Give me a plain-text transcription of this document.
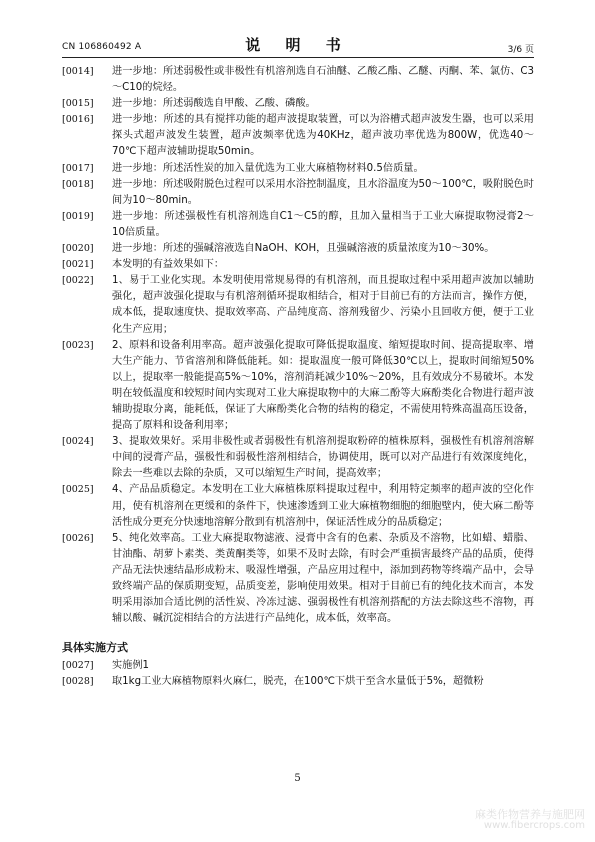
CN 106860492 A	说 明 书	3/6 页
[0014] 进一步地：所述弱极性或非极性有机溶剂选自石油醚、乙酸乙酯、乙醚、丙酮、苯、氯仿、C3～C10的烷烃。
[0015] 进一步地：所述弱酸选自甲酸、乙酸、磷酸。
[0016] 进一步地：所述的具有搅拌功能的超声波提取装置，可以为浴槽式超声波发生器，也可以采用探头式超声波发生装置，超声波频率优选为40KHz，超声波功率优选为800W，优选40～70℃下超声波辅助提取50min。
[0017] 进一步地：所述活性炭的加入量优选为工业大麻植物材料0.5倍质量。
[0018] 进一步地：所述吸附脱色过程可以采用水浴控制温度，且水浴温度为50～100℃，吸附脱色时间为10～80min。
[0019] 进一步地：所述强极性有机溶剂选自C1～C5的醇，且加入量相当于工业大麻提取物浸膏2～10倍质量。
[0020] 进一步地：所述的强碱溶液选自NaOH、KOH，且强碱溶液的质量浓度为10～30%。
[0021] 本发明的有益效果如下：
[0022] 1、易于工业化实现。本发明使用常规易得的有机溶剂，而且提取过程中采用超声波加以辅助强化，超声波强化提取与有机溶剂循环提取相结合，相对于目前已有的方法而言，操作方便，成本低，提取速度快、提取效率高、产品纯度高、溶剂残留少、污染小且回收方便，便于工业化生产应用；
[0023] 2、原料和设备利用率高。超声波强化提取可降低提取温度、缩短提取时间、提高提取率、增大生产能力、节省溶剂和降低能耗。如：提取温度一般可降低30℃以上，提取时间缩短50%以上，提取率一般能提高5%～10%，溶剂消耗减少10%～20%，且有效成分不易破坏。本发明在较低温度和较短时间内实现对工业大麻提取物中的大麻二酚等大麻酚类化合物进行超声波辅助提取分离，能耗低，保证了大麻酚类化合物的结构的稳定，不需使用特殊高温高压设备，提高了原料和设备利用率；
[0024] 3、提取效果好。采用非极性或者弱极性有机溶剂提取粉碎的植株原料，强极性有机溶剂溶解中间的浸膏产品，强极性和弱极性溶剂相结合，协调使用，既可以对产品进行有效深度纯化，除去一些难以去除的杂质，又可以缩短生产时间，提高效率；
[0025] 4、产品品质稳定。本发明在工业大麻植株原料提取过程中，利用特定频率的超声波的空化作用，使有机溶剂在更缓和的条件下，快速渗透到工业大麻植物细胞的细胞壁内，使大麻二酚等活性成分更充分快速地溶解分散到有机溶剂中，保证活性成分的品质稳定；
[0026] 5、纯化效率高。工业大麻提取物滤液、浸膏中含有的色素、杂质及不溶物，比如蜡、蜡脂、甘油酯、胡萝卜素类、类黄酮类等，如果不及时去除，有时会严重损害最终产品的品质，使得产品无法快速结晶形成粉末、吸湿性增强，产品应用过程中，添加到药物等终端产品中，会导致终端产品的保质期变短，品质变差，影响使用效果。相对于目前已有的纯化技术而言，本发明采用添加合适比例的活性炭、冷冻过滤、强弱极性有机溶剂搭配的方法去除这些不溶物，再辅以酸、碱沉淀相结合的方法进行产品纯化，成本低，效率高。
具体实施方式
[0027] 实施例1
[0028] 取1kg工业大麻植物原料火麻仁，脱壳，在100℃下烘干至含水量低于5%，超微粉
5
麻类作物营养与施肥网
www.fibercrops.com
